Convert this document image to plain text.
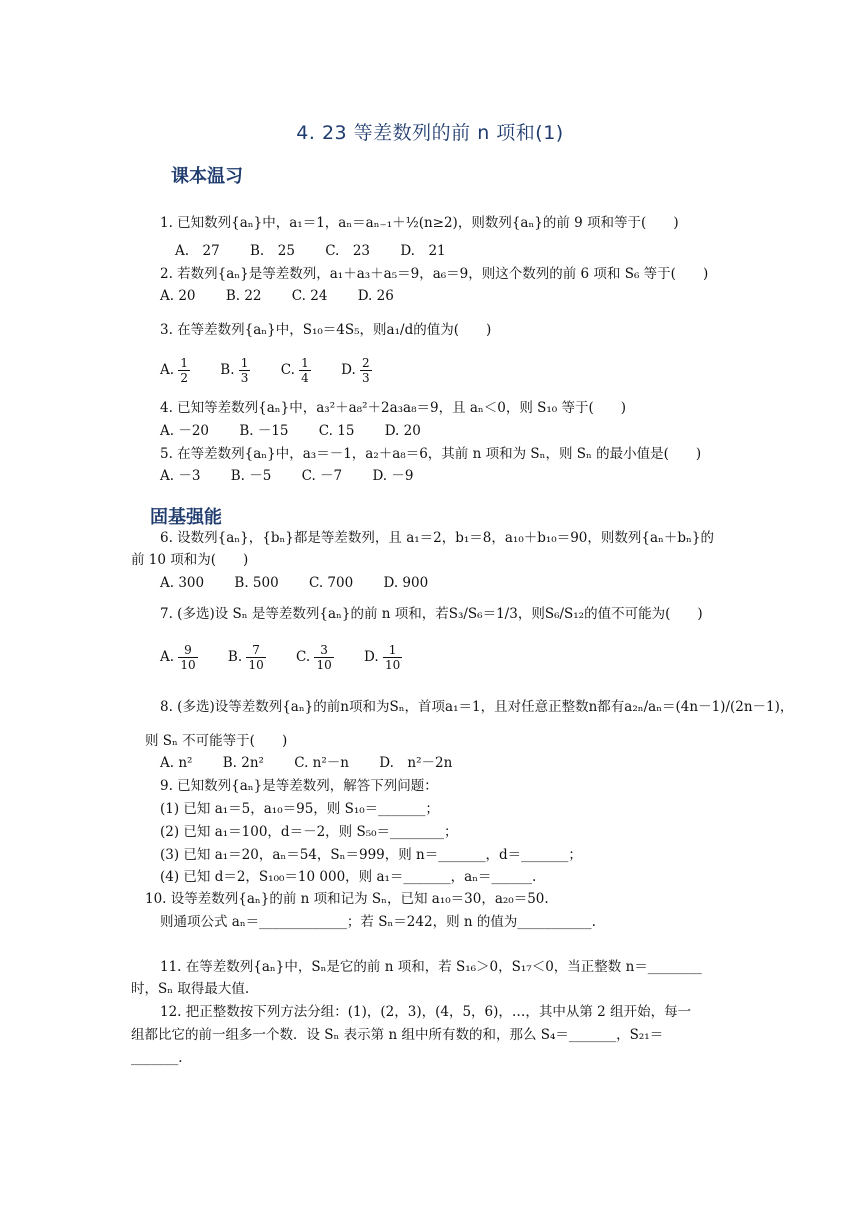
4. 23 等差数列的前 n 项和(1)
课本温习
1. 已知数列{aₙ}中，a₁＝1，aₙ＝aₙ₋₁＋½(n≥2)，则数列{aₙ}的前 9 项和等于(　　)
A.　27 B.　25 C.　23 D.　21
2. 若数列{aₙ}是等差数列，a₁＋a₃＋a₅＝9，a₆＝9，则这个数列的前 6 项和 S₆ 等于(　　)
A. 20 B. 22 C. 24 D. 26
3. 在等差数列{aₙ}中，S₁₀＝4S₅，则a₁/d的值为(　　)
A. $\frac{1}{2} B$. $\frac{1}{3} C$. $\frac{1}{4} D$. $\frac{2}{3}$
4. 已知等差数列{aₙ}中，a₃²＋a₈²＋2a₃a₈＝9，且 aₙ＜0，则 S₁₀ 等于(　　)
A. －20 B. －15 C. 15 D. 20
5. 在等差数列{aₙ}中，a₃＝－1，a₂＋a₈＝6，其前 n 项和为 Sₙ，则 Sₙ 的最小值是(　　)
A. －3 B. －5 C. －7 D. －9
固基强能
6. 设数列{aₙ}，{bₙ}都是等差数列，且 a₁＝2，b₁＝8，a₁₀＋b₁₀＝90，则数列{aₙ＋bₙ}的
前 10 项和为(　　)
A. 300 B. 500 C. 700 D. 900
7. (多选)设 Sₙ 是等差数列{aₙ}的前 n 项和，若S₃/S₆＝1/3，则S₆/S₁₂的值不可能为(　　)
A. $\frac{9}{10} B$. $\frac{7}{10} C$. $\frac{3}{10} D$. $\frac{1}{10}$
8. (多选)设等差数列{aₙ}的前n项和为Sₙ，首项a₁＝1，且对任意正整数n都有a₂ₙ/aₙ＝(4n－1)/(2n－1)，
则 Sₙ 不可能等于(　　)
A. n² B. 2n² C. n²－n D.　n²－2n
9. 已知数列{aₙ}是等差数列，解答下列问题：
(1) 已知 a₁＝5，a₁₀＝95，则 S₁₀＝_______；
(2) 已知 a₁＝100，d＝－2，则 S₅₀＝________；
(3) 已知 a₁＝20，aₙ＝54，Sₙ＝999，则 n＝_______，d＝_______；
(4) 已知 d＝2，S₁₀₀＝10 000，则 a₁＝_______，aₙ＝______.
10. 设等差数列{aₙ}的前 n 项和记为 Sₙ，已知 a₁₀＝30，a₂₀＝50.
则通项公式 aₙ＝_____________；若 Sₙ＝242，则 n 的值为___________.
11. 在等差数列{aₙ}中，Sₙ是它的前 n 项和，若 S₁₆＞0，S₁₇＜0，当正整数 n＝________
时，Sₙ 取得最大值.
12. 把正整数按下列方法分组：(1)，(2，3)，(4，5，6)，…，其中从第 2 组开始，每一
组都比它的前一组多一个数．设 Sₙ 表示第 n 组中所有数的和，那么 S₄＝_______，S₂₁＝
_______.
